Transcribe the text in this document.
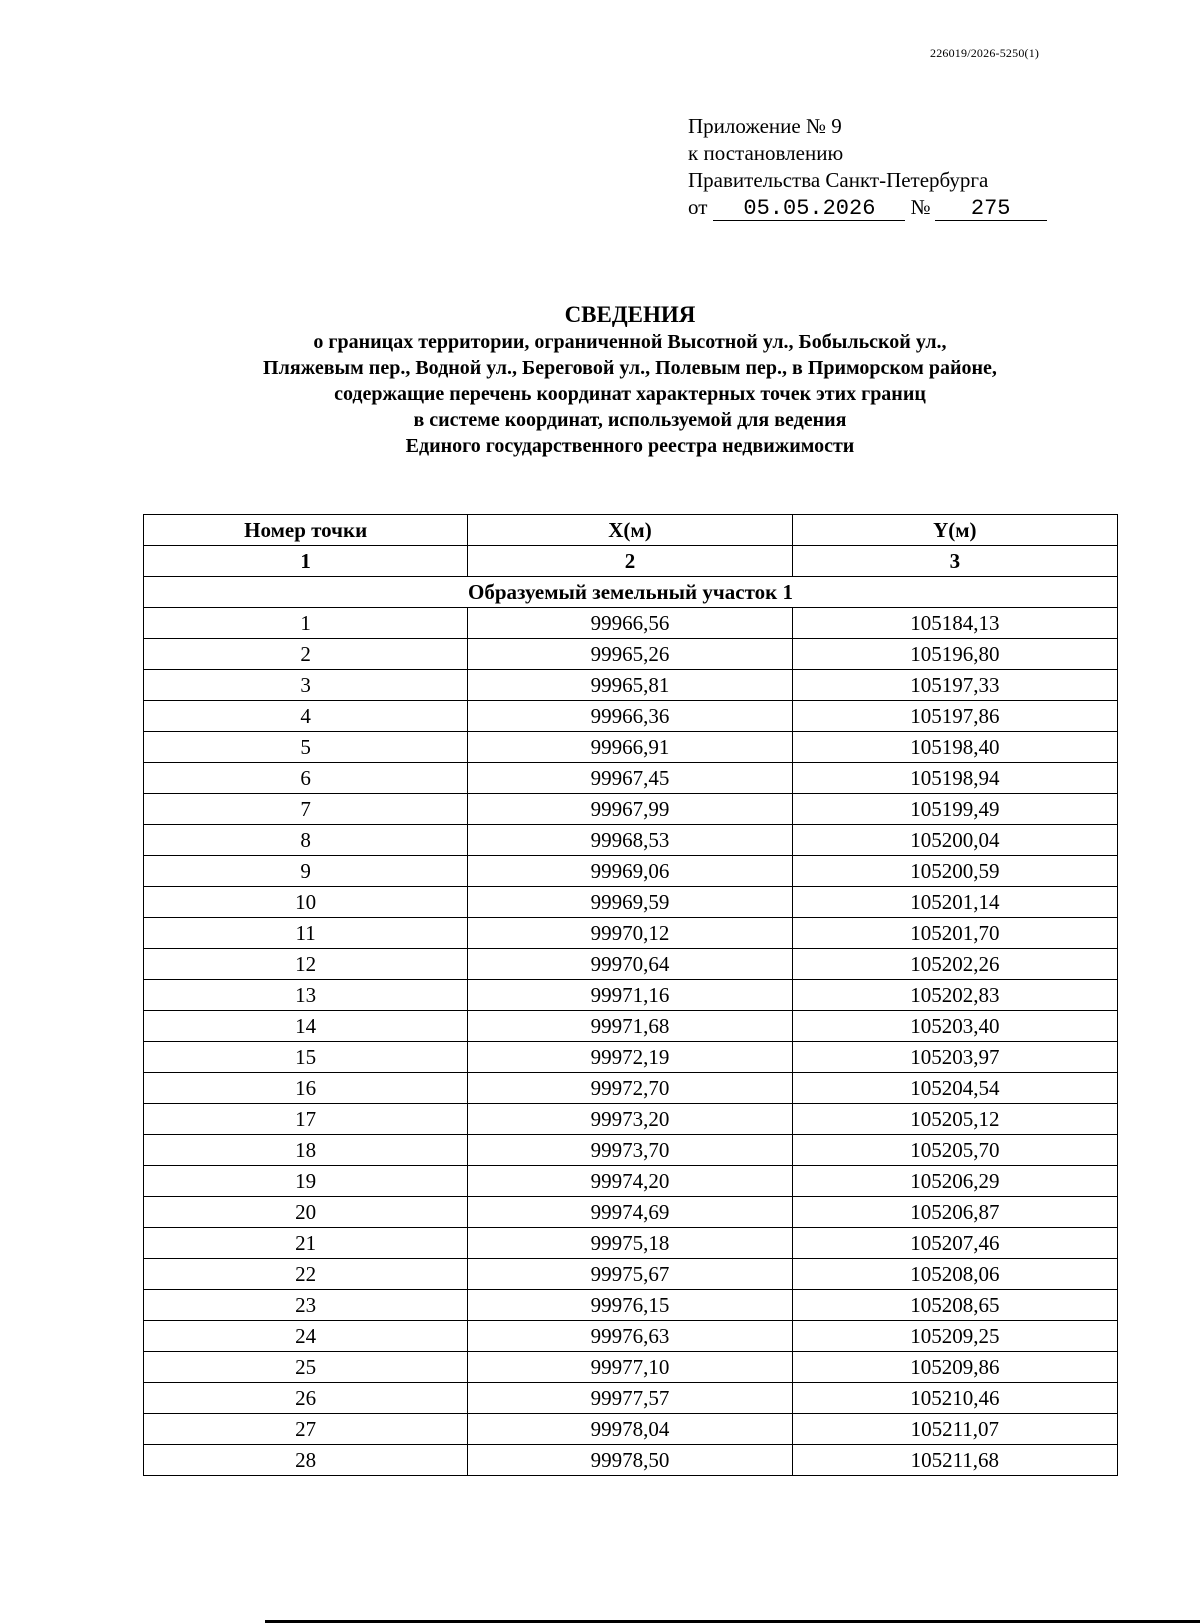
226019/2026-5250(1)
Приложение № 9
к постановлению
Правительства Санкт-Петербурга
от 05.05.2026 № 275
СВЕДЕНИЯ
о границах территории, ограниченной Высотной ул., Бобыльской ул.,
Пляжевым пер., Водной ул., Береговой ул., Полевым пер., в Приморском районе,
содержащие перечень координат характерных точек этих границ
в системе координат, используемой для ведения
Единого государственного реестра недвижимости
Номер точки	X(м)	Y(м)
1	2	3
Образуемый земельный участок 1		
1	99966,56	105184,13
2	99965,26	105196,80
3	99965,81	105197,33
4	99966,36	105197,86
5	99966,91	105198,40
6	99967,45	105198,94
7	99967,99	105199,49
8	99968,53	105200,04
9	99969,06	105200,59
10	99969,59	105201,14
11	99970,12	105201,70
12	99970,64	105202,26
13	99971,16	105202,83
14	99971,68	105203,40
15	99972,19	105203,97
16	99972,70	105204,54
17	99973,20	105205,12
18	99973,70	105205,70
19	99974,20	105206,29
20	99974,69	105206,87
21	99975,18	105207,46
22	99975,67	105208,06
23	99976,15	105208,65
24	99976,63	105209,25
25	99977,10	105209,86
26	99977,57	105210,46
27	99978,04	105211,07
28	99978,50	105211,68
